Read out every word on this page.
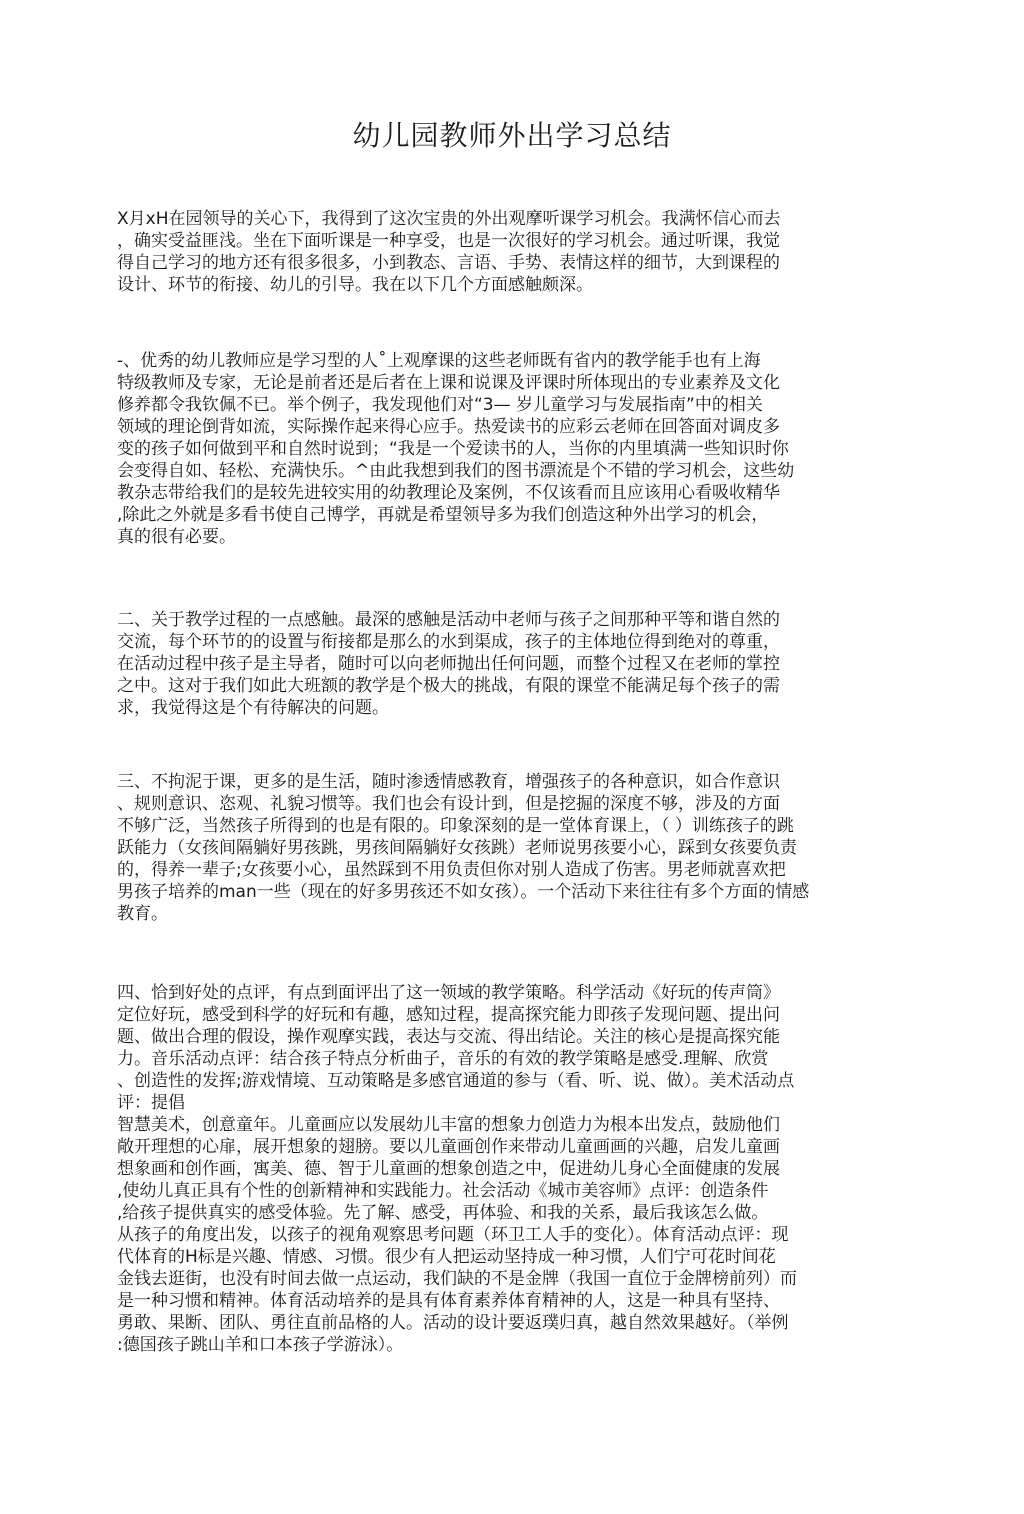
幼儿园教师外出学习总结
X月xH在园领导的关心下，我得到了这次宝贵的外出观摩听课学习机会。我满怀信心而去
，确实受益匪浅。坐在下面听课是一种享受，也是一次很好的学习机会。通过听课，我觉
得自己学习的地方还有很多很多，小到教态、言语、手势、表情这样的细节，大到课程的
设计、环节的衔接、幼儿的引导。我在以下几个方面感触颇深。
-、优秀的幼儿教师应是学习型的人˚上观摩课的这些老师既有省内的教学能手也有上海
特级教师及专家，无论是前者还是后者在上课和说课及评课时所体现出的专业素养及文化
修养都令我钦佩不已。举个例子，我发现他们对“3— 岁儿童学习与发展指南”中的相关
领域的理论倒背如流，实际操作起来得心应手。热爱读书的应彩云老师在回答面对调皮多
变的孩子如何做到平和自然时说到；“我是一个爱读书的人，当你的内里填满一些知识时你
会变得自如、轻松、充满快乐。^由此我想到我们的图书漂流是个不错的学习机会，这些幼
教杂志带给我们的是较先进较实用的幼教理论及案例，不仅该看而且应该用心看吸收精华
,除此之外就是多看书使自己博学，再就是希望领导多为我们创造这种外出学习的机会，
真的很有必要。
二、关于教学过程的一点感触。最深的感触是活动中老师与孩子之间那种平等和谐自然的
交流，每个环节的的设置与衔接都是那么的水到渠成，孩子的主体地位得到绝对的尊重，
在活动过程中孩子是主导者，随时可以向老师抛出任何问题，而整个过程又在老师的掌控
之中。这对于我们如此大班额的教学是个极大的挑战，有限的课堂不能满足每个孩子的需
求，我觉得这是个有待解决的问题。
三、不拘泥于课，更多的是生活，随时渗透情感教育，增强孩子的各种意识，如合作意识
、规则意识、恣观、礼貌习惯等。我们也会有设计到，但是挖掘的深度不够，涉及的方面
不够广泛，当然孩子所得到的也是有限的。印象深刻的是一堂体育课上，（ ）训练孩子的跳
跃能力（女孩间隔躺好男孩跳，男孩间隔躺好女孩跳）老师说男孩要小心，踩到女孩要负责
的，得养一辈子;女孩要小心，虽然踩到不用负责但你对别人造成了伤害。男老师就喜欢把
男孩子培养的man一些（现在的好多男孩还不如女孩）。一个活动下来往往有多个方面的情感
教育。
四、恰到好处的点评，有点到面评出了这一领域的教学策略。科学活动《好玩的传声筒》
定位好玩，感受到科学的好玩和有趣，感知过程，提高探究能力即孩子发现问题、提出问
题、做出合理的假设，操作观摩实践，表达与交流、得出结论。关注的核心是提高探究能
力。音乐活动点评：结合孩子特点分析曲子，音乐的有效的教学策略是感受.理解、欣赏
、创造性的发挥;游戏情境、互动策略是多感官通道的参与（看、听、说、做）。美术活动点
评：提倡
智慧美术，创意童年。儿童画应以发展幼儿丰富的想象力创造力为根本出发点，鼓励他们
敞开理想的心扉，展开想象的翅膀。要以儿童画创作来带动儿童画画的兴趣，启发儿童画
想象画和创作画，寓美、德、智于儿童画的想象创造之中，促进幼儿身心全面健康的发展
,使幼儿真正具有个性的创新精神和实践能力。社会活动《城市美容师》点评：创造条件
,给孩子提供真实的感受体验。先了解、感受，再体验、和我的关系，最后我该怎么做。
从孩子的角度出发，以孩子的视角观察思考问题（环卫工人手的变化）。体育活动点评：现
代体育的H标是兴趣、情感、习惯。很少有人把运动坚持成一种习惯，人们宁可花时间花
金钱去逛街，也没有时间去做一点运动，我们缺的不是金牌（我国一直位于金牌榜前列）而
是一种习惯和精神。体育活动培养的是具有体育素养体育精神的人，这是一种具有坚持、
勇敢、果断、团队、勇往直前品格的人。活动的设计要返璞归真，越自然效果越好。（举例
:德国孩子跳山羊和口本孩子学游泳）。
